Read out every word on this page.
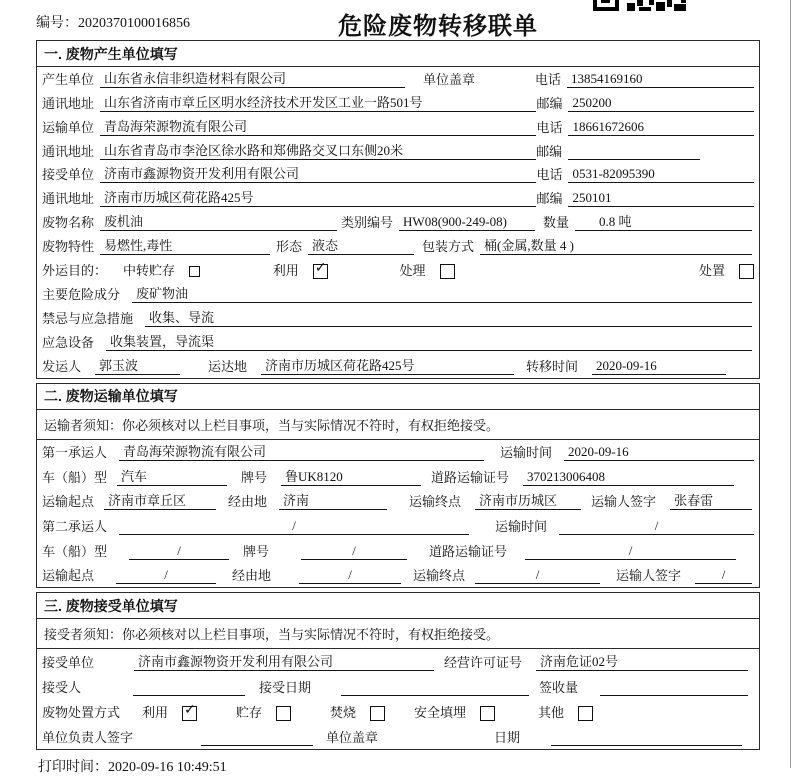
编号：2020370100016856	危险废物转移联单
一. 废物产生单位填写
产生单位 山东省永信非织造材料有限公司	单位盖章	电话 13854169160
通讯地址 山东省济南市章丘区明水经济技术开发区工业一路501号	邮编 250200
运输单位 青岛海荣源物流有限公司	电话 18661672606
通讯地址 山东省青岛市李沧区徐水路和郑佛路交叉口东侧20米	邮编
接受单位 济南市鑫源物资开发利用有限公司	电话 0531-82095390
通讯地址 济南市历城区荷花路425号	邮编 250101
废物名称 废机油	类别编号 HW08(900-249-08)	数量	0.8 吨
废物特性 易燃性,毒性	形态 液态	包装方式 桶(金属,数量 4 )
外运目的：	中转贮存	利用	✓	处理	处置
主要危险成分	废矿物油
禁忌与应急措施	收集、导流
应急设备	收集装置，导流渠
发运人	郭玉波	运达地	济南市历城区荷花路425号	转移时间	2020-09-16
二. 废物运输单位填写
运输者须知：你必须核对以上栏目事项，当与实际情况不符时，有权拒绝接受。
第一承运人	青岛海荣源物流有限公司	运输时间	2020-09-16
车（船）型	汽车	牌号	鲁UK8120	道路运输证号	370213006408
运输起点	济南市章丘区	经由地	济南	运输终点	济南市历城区	运输人签字	张春雷
第二承运人	/	运输时间	/
车（船）型	/	牌号	/	道路运输证号	/
运输起点	/	经由地	/	运输终点	/	运输人签字	/
三. 废物接受单位填写
接受者须知：你必须核对以上栏目事项，当与实际情况不符时，有权拒绝接受。
接受单位	济南市鑫源物资开发利用有限公司	经营许可证号	济南危证02号
接受人	接受日期	签收量
废物处置方式	利用	✓	贮存	焚烧	安全填埋	其他
单位负责人签字	单位盖章	日期
打印时间：2020-09-16 10:49:51
